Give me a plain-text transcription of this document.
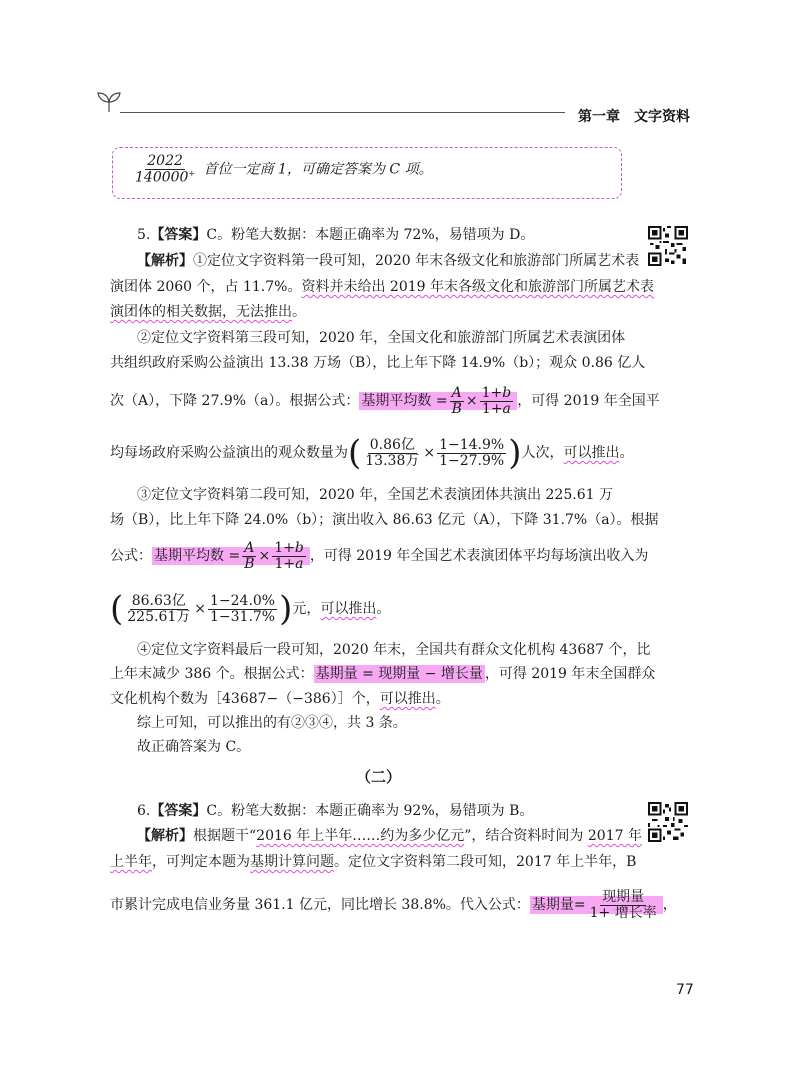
第一章　文字资料
$\frac{2022}{140000^+}$ 首位一定商 1，可确定答案为 C 项。
5.【答案】C。粉笔大数据：本题正确率为 72%，易错项为 D。
【解析】①定位文字资料第一段可知，2020 年末各级文化和旅游部门所属艺术表
演团体 2060 个，占 11.7%。资料并未给出 2019 年末各级文化和旅游部门所属艺术表
演团体的相关数据，无法推出。
②定位文字资料第三段可知，2020 年，全国文化和旅游部门所属艺术表演团体
共组织政府采购公益演出 13.38 万场（B），比上年下降 14.9%（b）；观众 0.86 亿人
次（A），下降 27.9%（a）。根据公式： 基期平均数 = $\frac{A}{B} \times \frac{1+b}{1+a}$ ，可得 2019 年全国平
均每场政府采购公益演出的观众数量为( $\frac{\text{0.86亿}}{\text{13.38万}} \times \frac{1-14.9\%}{1-27.9\%}$ )人次，可以推出。
③定位文字资料第二段可知，2020 年，全国艺术表演团体共演出 225.61 万
场（B），比上年下降 24.0%（b）；演出收入 86.63 亿元（A），下降 31.7%（a）。根据
公式： 基期平均数 = $\frac{A}{B} \times \frac{1+b}{1+a}$ ，可得 2019 年全国艺术表演团体平均每场演出收入为
( $\frac{\text{86.63亿}}{\text{225.61万}} \times \frac{1-24.0\%}{1-31.7\%}$ )元，可以推出。
④定位文字资料最后一段可知，2020 年末，全国共有群众文化机构 43687 个，比
上年末减少 386 个。根据公式： 基期量 = 现期量 − 增长量 ，可得 2019 年末全国群众
文化机构个数为［43687−（−386）］个，可以推出。
综上可知，可以推出的有②③④，共 3 条。
故正确答案为 C。
（二）
6.【答案】C。粉笔大数据：本题正确率为 92%，易错项为 B。
【解析】根据题干“2016 年上半年……约为多少亿元”，结合资料时间为 2017 年
上半年，可判定本题为基期计算问题。定位文字资料第二段可知，2017 年上半年，B
市累计完成电信业务量 361.1 亿元，同比增长 38.8%。代入公式： 基期量= $\frac{\text{现期量}}{\text{1+ 增长率}}$ ，
77
